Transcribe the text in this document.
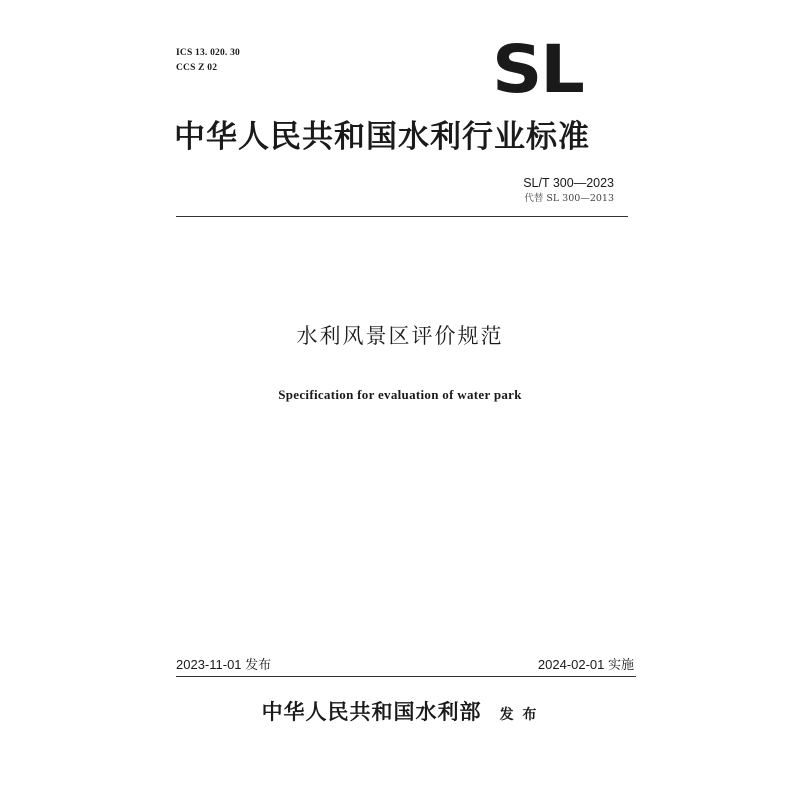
ICS 13. 020. 30
CCS Z 02	SL
中华人民共和国水利行业标准
SL/T 300—2023
代替 SL 300—2013
水利风景区评价规范
Specification for evaluation of water park
2023-11-01 发布	2024-02-01 实施
中华人民共和国水利部 发 布
